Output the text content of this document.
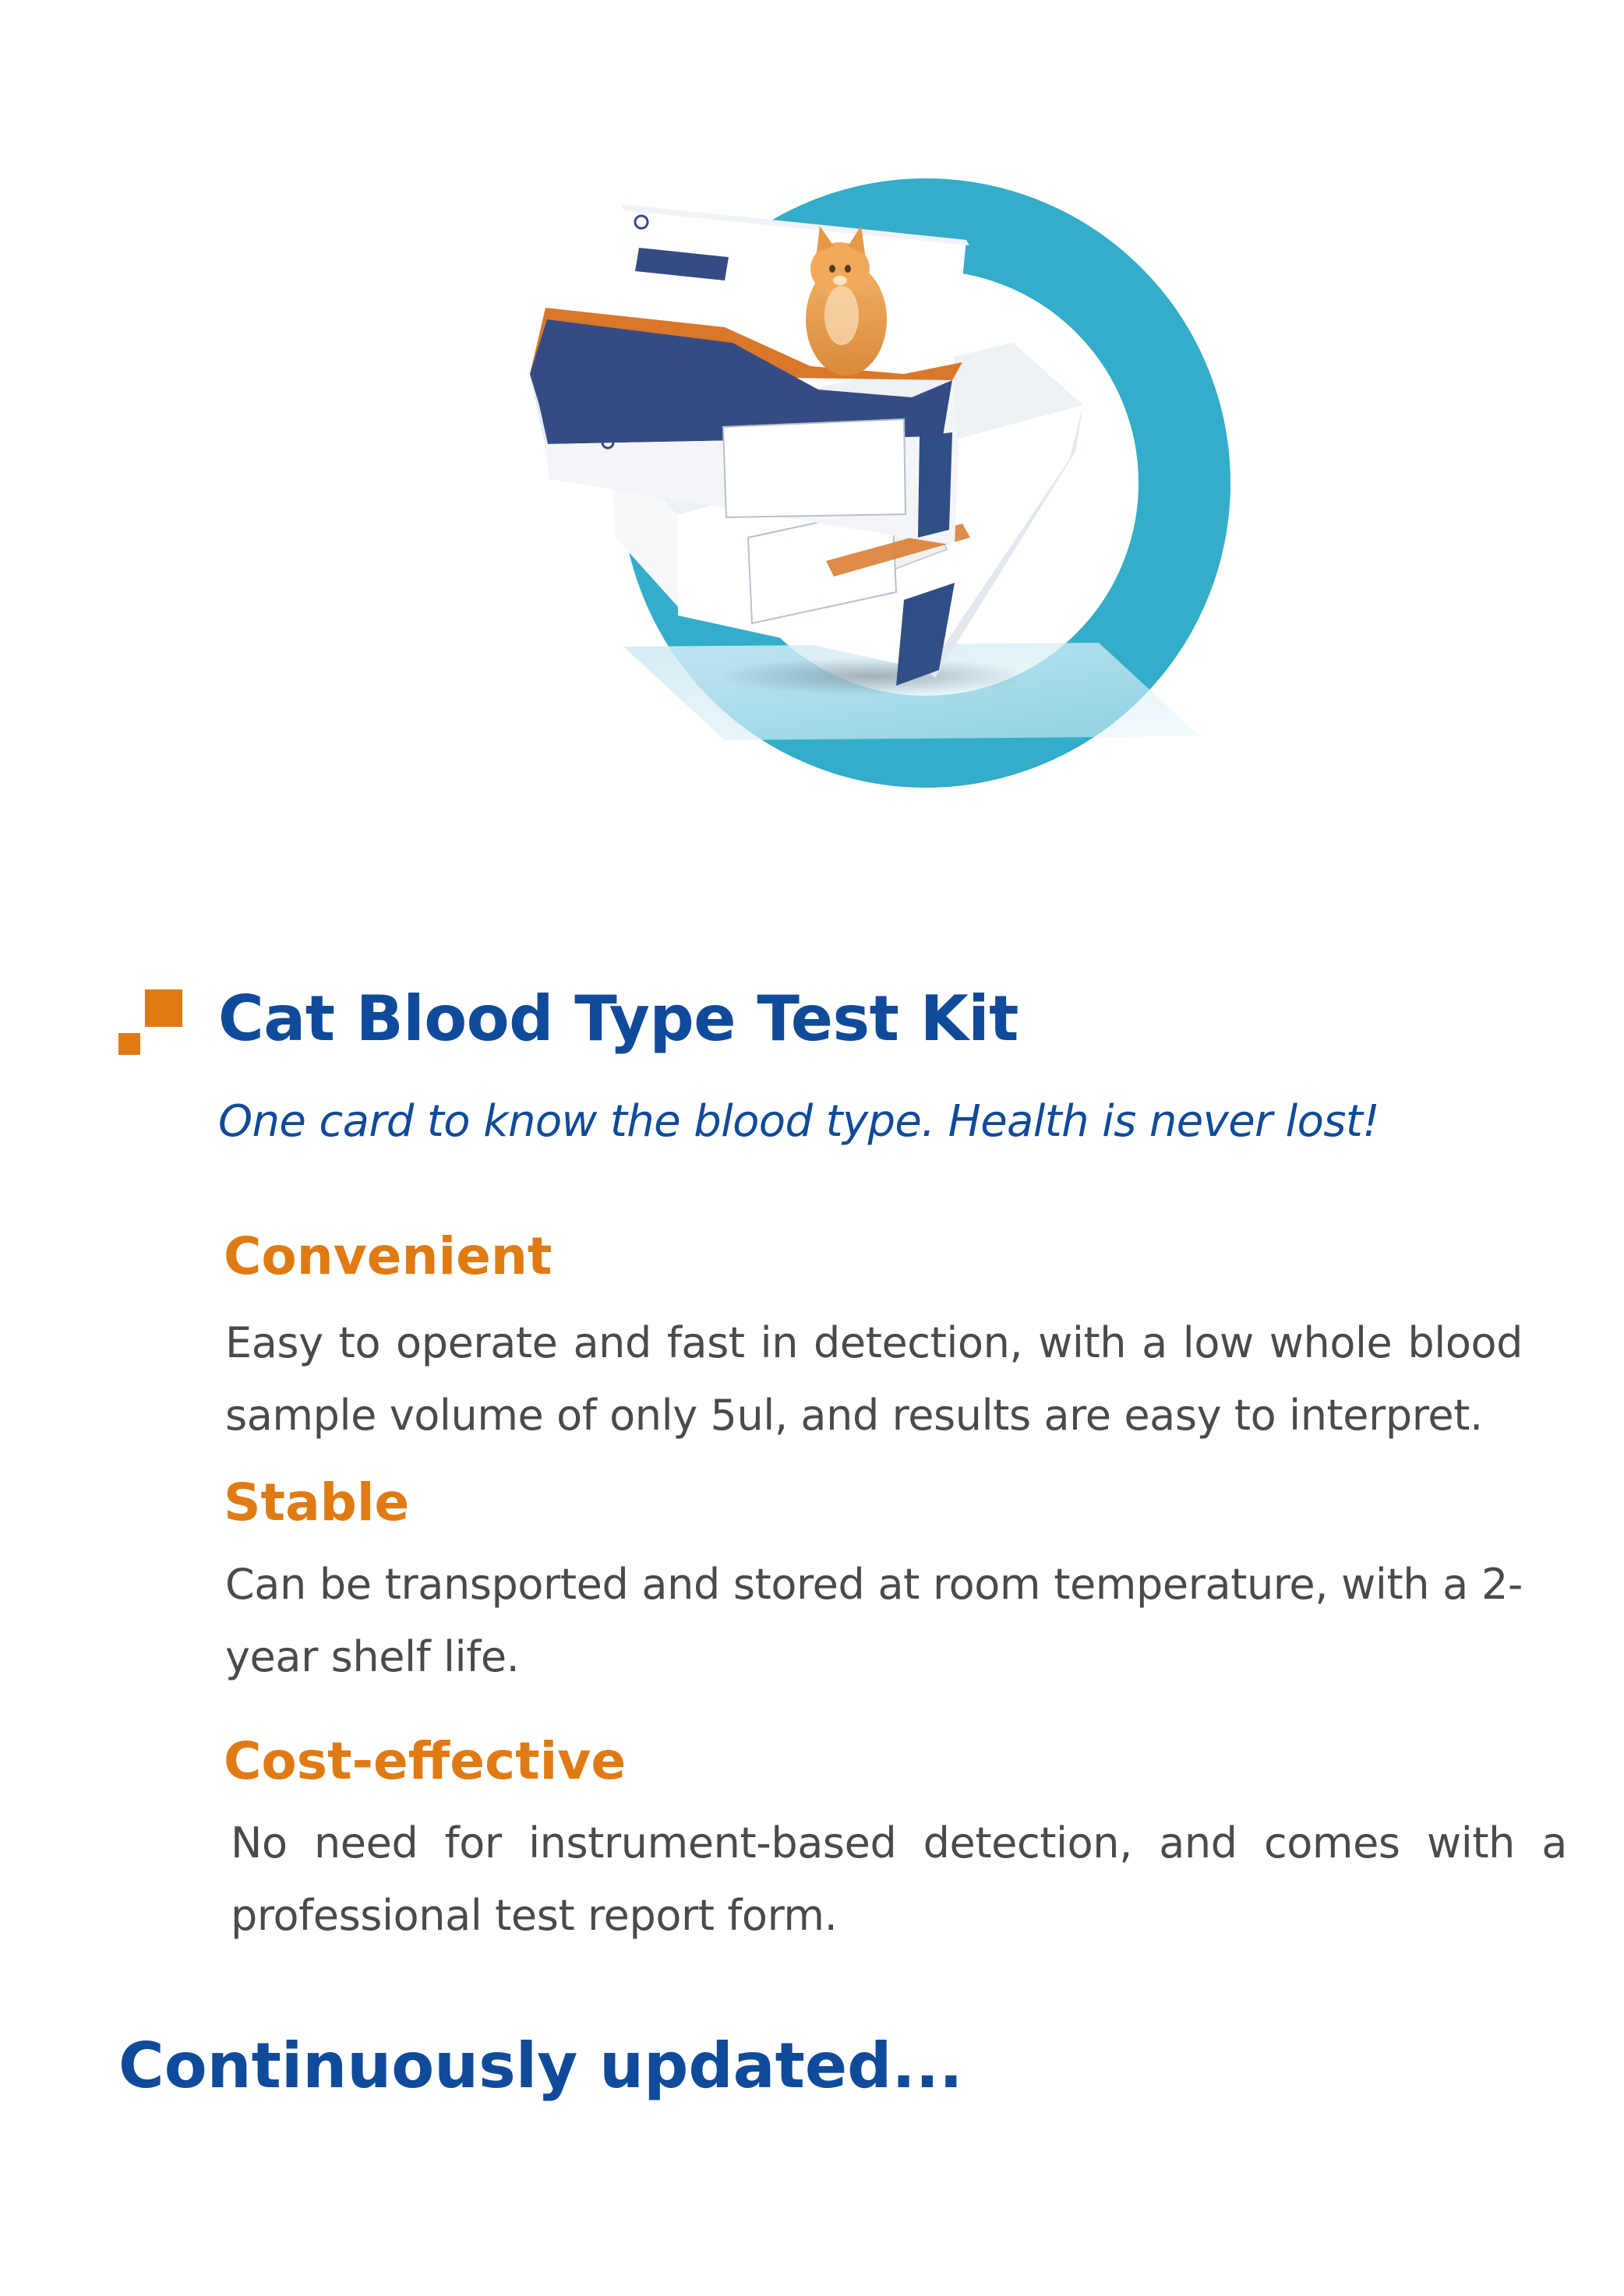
Cat Blood Type Test Kit
One card to know the blood type. Health is never lost!
Convenient
Easy to operate and fast in detection, with a low whole blood sample volume of only 5ul, and results are easy to interpret.
Stable
Can be transported and stored at room temperature, with a 2-year shelf life.
Cost-effective
No need for instrument-based detection, and comes with a professional test report form.
Continuously updated...
